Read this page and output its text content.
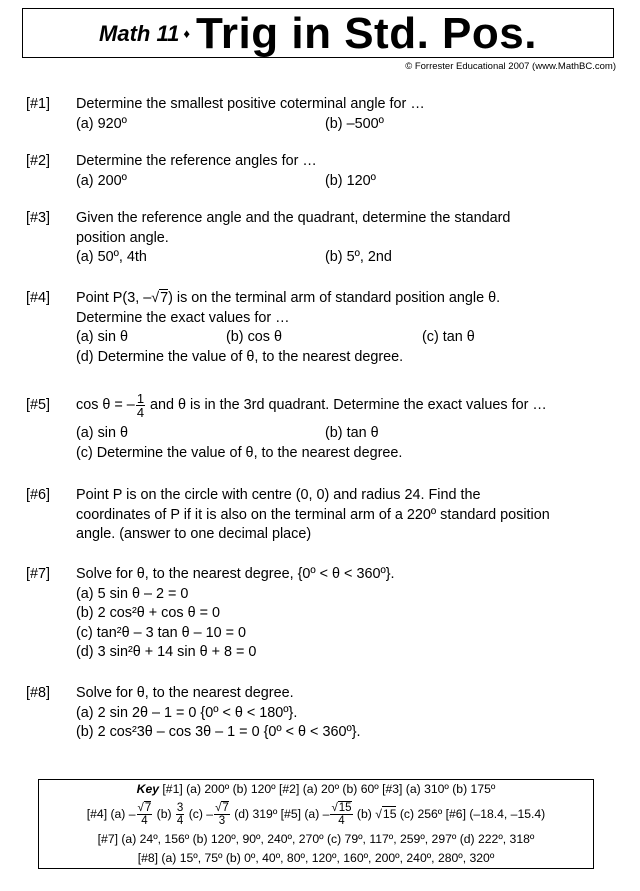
Math 11 ♦ Trig in Std. Pos.
© Forrester Educational 2007 (www.MathBC.com)
[#1] Determine the smallest positive coterminal angle for …
(a) 920º	(b) –500º
[#2] Determine the reference angles for …
(a) 200º	(b) 120º
[#3] Given the reference angle and the quadrant, determine the standard
position angle.
(a) 50º, 4th	(b) 5º, 2nd
[#4] Point P(3, –√7) is on the terminal arm of standard position angle θ.
Determine the exact values for …
(a) sin θ	(b) cos θ	(c) tan θ
(d) Determine the value of θ, to the nearest degree.
[#5] cos θ = – $\frac{1}{4}$ and θ is in the 3rd quadrant. Determine the exact values for …
(a) sin θ	(b) tan θ
(c) Determine the value of θ, to the nearest degree.
[#6] Point P is on the circle with centre (0, 0) and radius 24. Find the
coordinates of P if it is also on the terminal arm of a 220º standard position
angle. (answer to one decimal place)
[#7] Solve for θ, to the nearest degree, {0º < θ < 360º}.
(a) 5 sin θ – 2 = 0
(b) 2 cos²θ + cos θ = 0
(c) tan²θ – 3 tan θ – 10 = 0
(d) 3 sin²θ + 14 sin θ + 8 = 0
[#8] Solve for θ, to the nearest degree.
(a) 2 sin 2θ – 1 = 0 {0º < θ < 180º}.
(b) 2 cos²3θ – cos 3θ – 1 = 0 {0º < θ < 360º}.
Key [#1] (a) 200º (b) 120º [#2] (a) 20º (b) 60º [#3] (a) 310º (b) 175º
[#4] $(a) - \frac{√7}{4} (b) \frac{3}{4} (c) - \frac{√7}{3} (d)$ 319º [#5] $(a) - \frac{√15}{4} (b)$ √15 (c) 256º [#6] (–18.4, –15.4)
[#7] (a) 24º, 156º (b) 120º, 90º, 240º, 270º (c) 79º, 117º, 259º, 297º (d) 222º, 318º
[#8] (a) 15º, 75º (b) 0º, 40º, 80º, 120º, 160º, 200º, 240º, 280º, 320º
